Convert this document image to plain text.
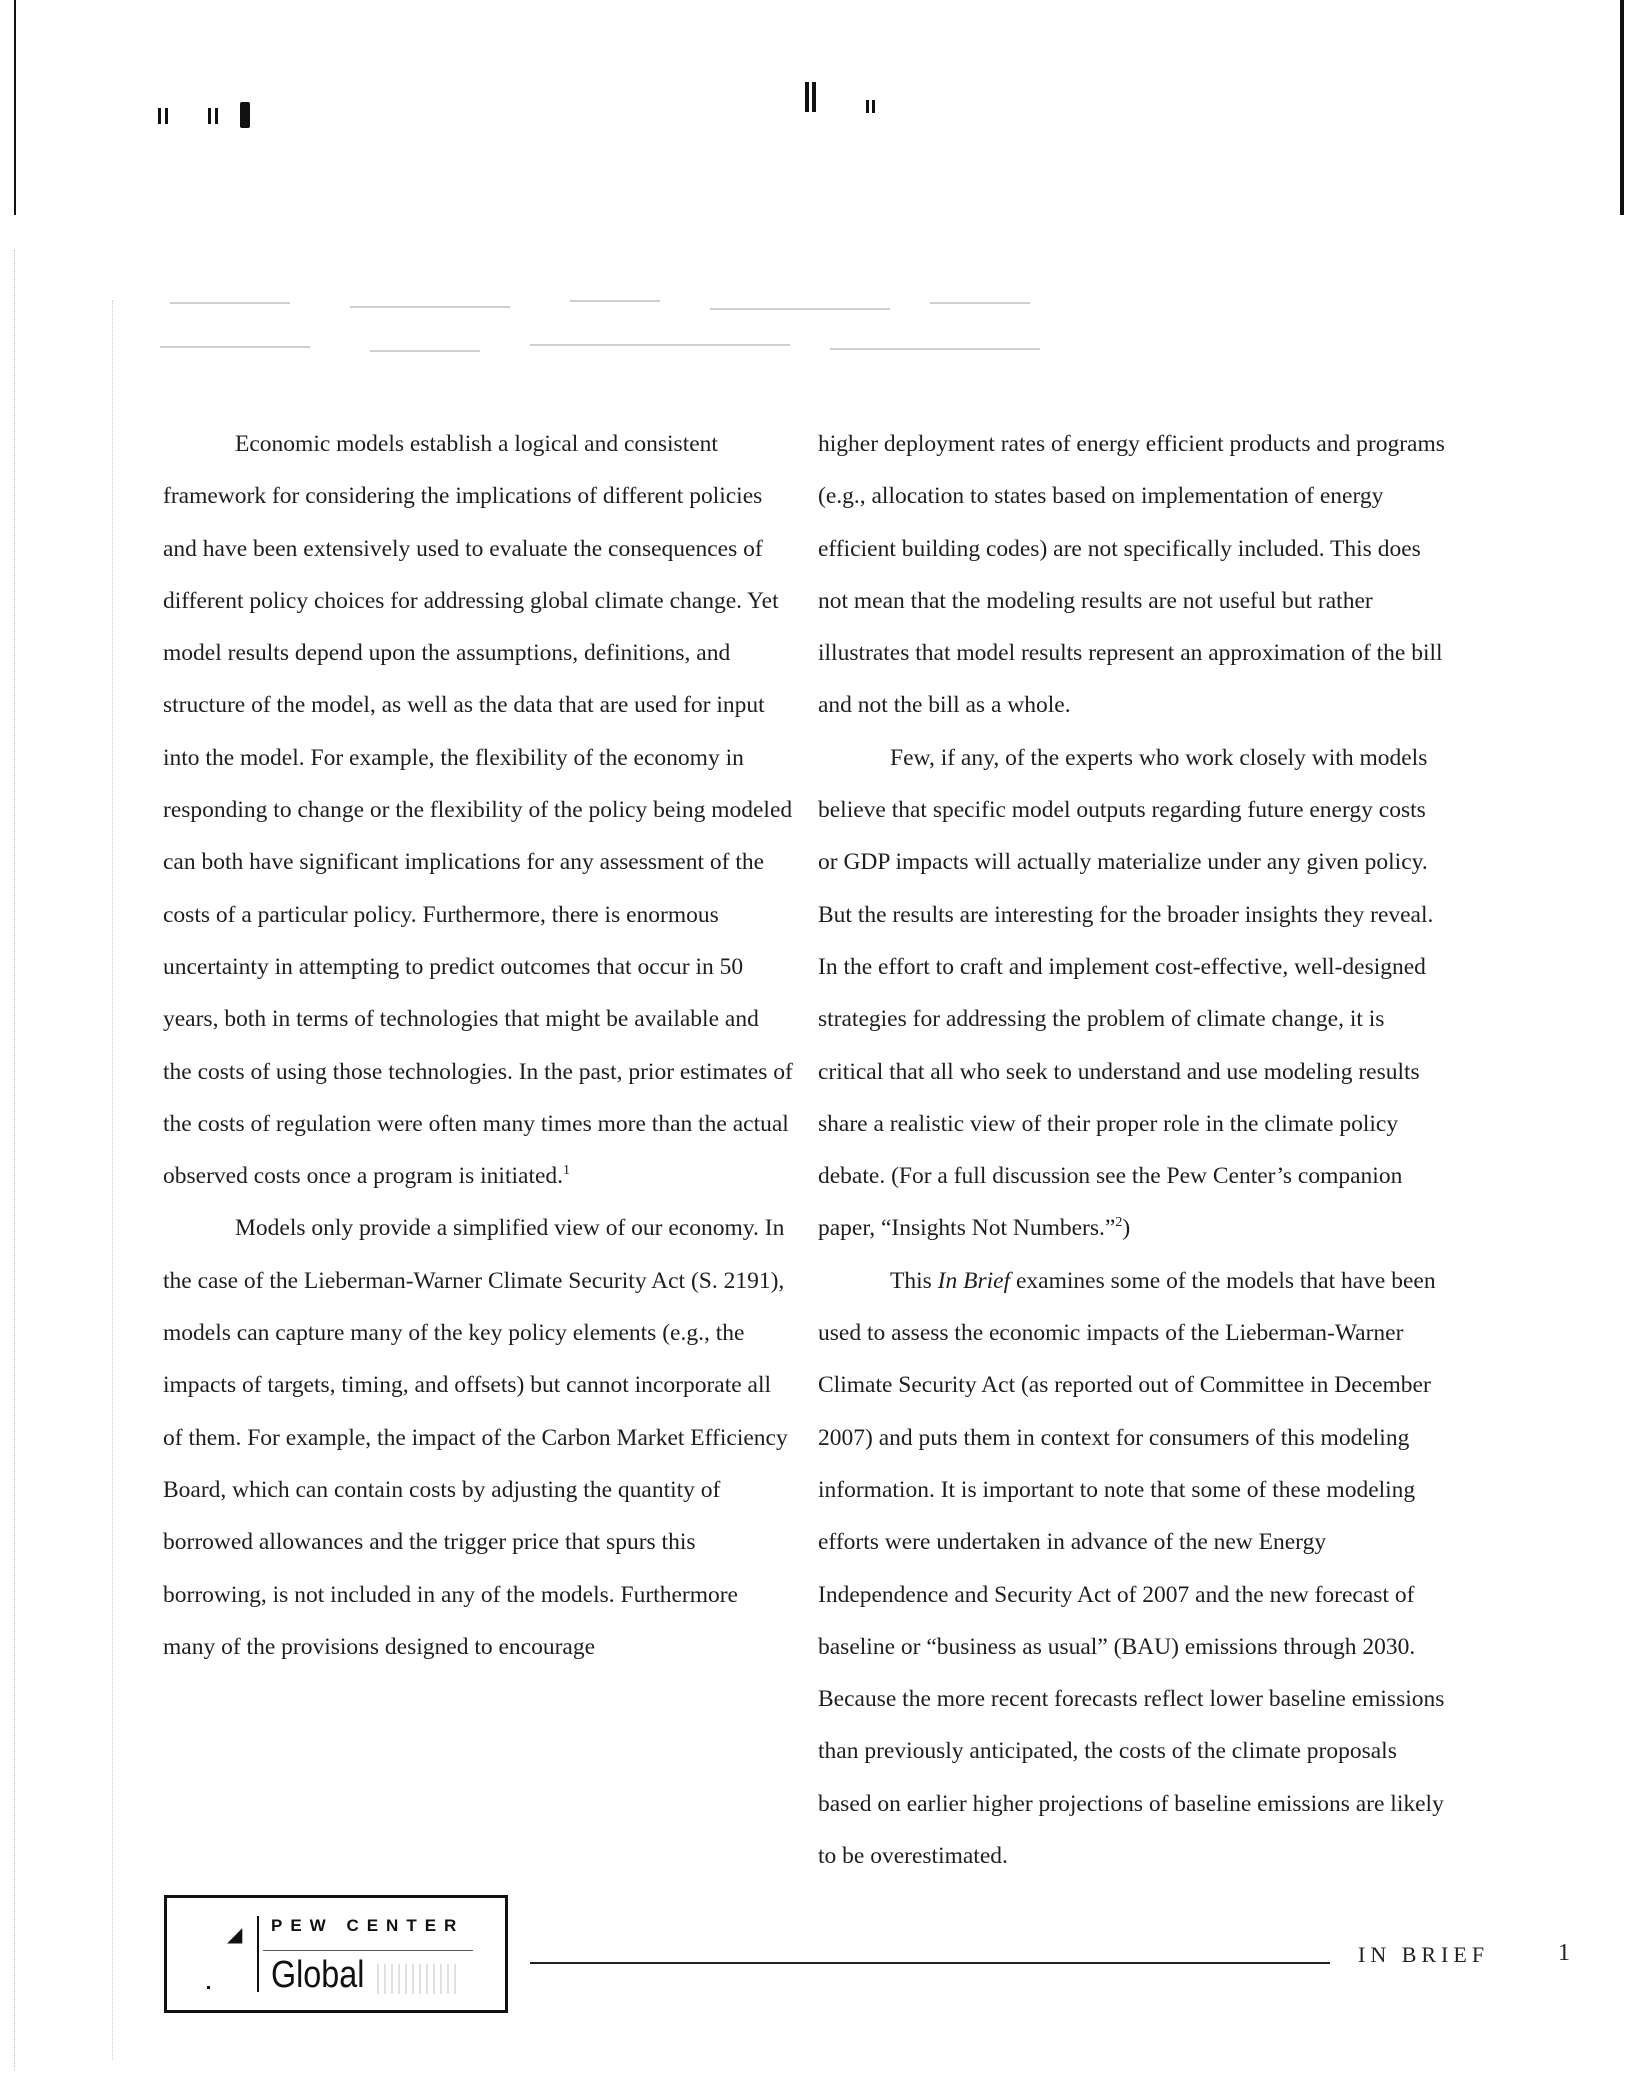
Economic models establish a logical and consistent framework for considering the implications of different policies and have been extensively used to evaluate the consequences of different policy choices for addressing global climate change. Yet model results depend upon the assumptions, definitions, and structure of the model, as well as the data that are used for input into the model. For example, the flexibility of the economy in responding to change or the flexibility of the policy being modeled can both have significant implications for any assessment of the costs of a particular policy. Furthermore, there is enormous uncertainty in attempting to predict outcomes that occur in 50 years, both in terms of technologies that might be available and the costs of using those technologies. In the past, prior estimates of the costs of regulation were often many times more than the actual observed costs once a program is initiated.$^1$

Models only provide a simplified view of our economy. In the case of the Lieberman-Warner Climate Security Act (S. 2191), models can capture many of the key policy elements (e.g., the impacts of targets, timing, and offsets) but cannot incorporate all of them. For example, the impact of the Carbon Market Efficiency Board, which can contain costs by adjusting the quantity of borrowed allowances and the trigger price that spurs this borrowing, is not included in any of the models. Furthermore many of the provisions designed to encourage

higher deployment rates of energy efficient products and programs (e.g., allocation to states based on implementation of energy efficient building codes) are not specifically included. This does not mean that the modeling results are not useful but rather illustrates that model results represent an approximation of the bill and not the bill as a whole.

Few, if any, of the experts who work closely with models believe that specific model outputs regarding future energy costs or GDP impacts will actually materialize under any given policy. But the results are interesting for the broader insights they reveal. In the effort to craft and implement cost-effective, well-designed strategies for addressing the problem of climate change, it is critical that all who seek to understand and use modeling results share a realistic view of their proper role in the climate policy debate. (For a full discussion see the Pew Center’s companion paper, “Insights Not Numbers.”$^2$)

This In Brief examines some of the models that have been used to assess the economic impacts of the Lieberman-Warner Climate Security Act (as reported out of Committee in December 2007) and puts them in context for consumers of this modeling information. It is important to note that some of these modeling efforts were undertaken in advance of the new Energy Independence and Security Act of 2007 and the new forecast of baseline or “business as usual” (BAU) emissions through 2030. Because the more recent forecasts reflect lower baseline emissions than previously anticipated, the costs of the climate proposals based on earlier higher projections of baseline emissions are likely to be overestimated.

◢ PEW CENTER
Global	IN BRIEF	1
